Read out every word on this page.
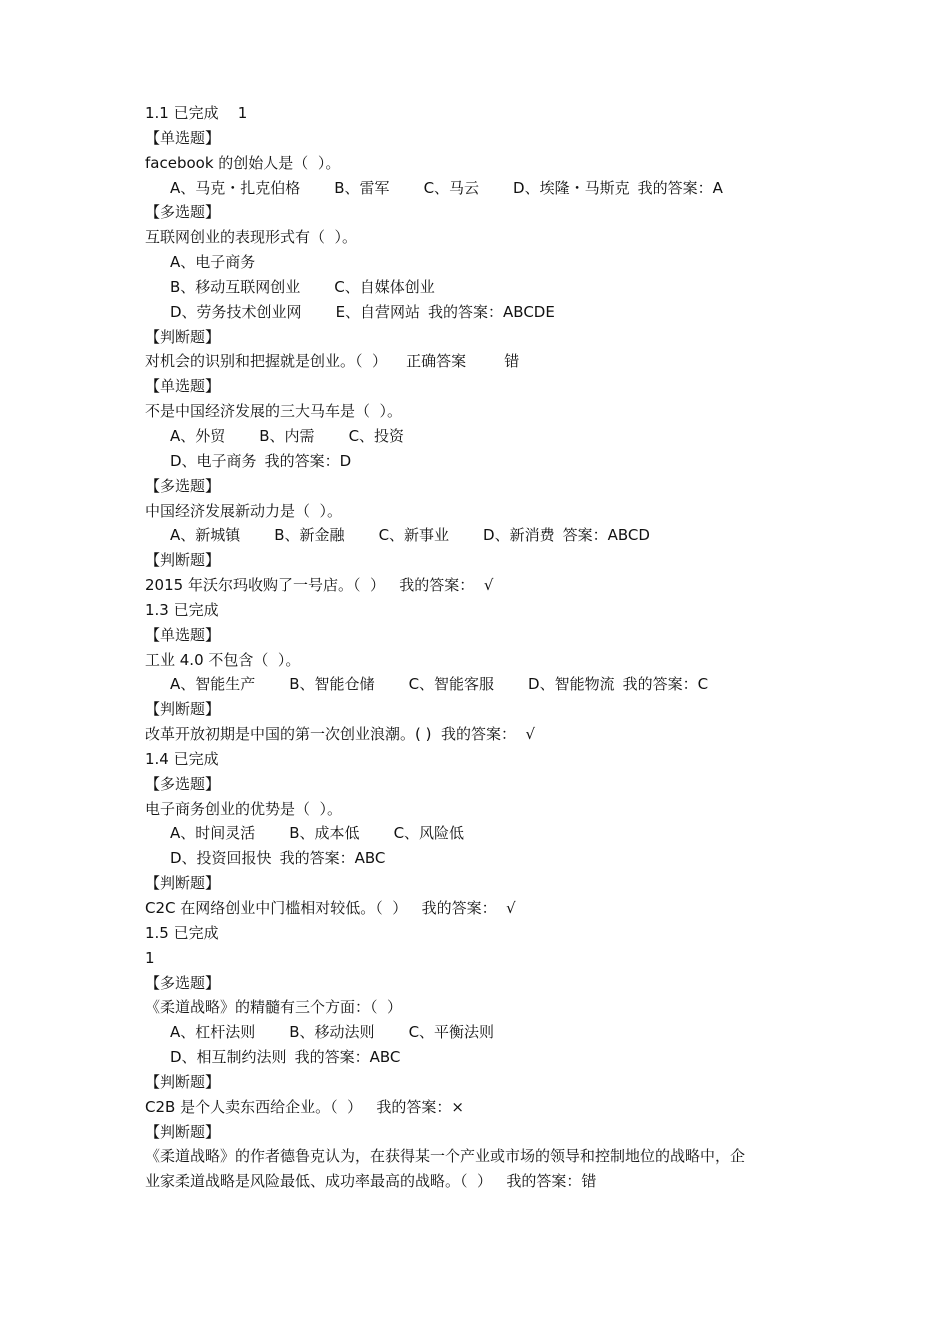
1.1 已完成    1
【单选题】
facebook 的创始人是（  ）。
A、马克・扎克伯格 B、雷军 C、马云 D、埃隆・马斯克 我的答案：A
【多选题】
互联网创业的表现形式有（  ）。
A、电子商务
B、移动互联网创业 C、自媒体创业
D、劳务技术创业网 E、自营网站 我的答案：ABCDE
【判断题】
对机会的识别和把握就是创业。（  ）    正确答案        错
【单选题】
不是中国经济发展的三大马车是（  ）。
A、外贸 B、内需 C、投资
D、电子商务 我的答案：D
【多选题】
中国经济发展新动力是（  ）。
A、新城镇 B、新金融 C、新事业 D、新消费 答案：ABCD
【判断题】
2015 年沃尔玛收购了一号店。（  ）   我的答案：  √
1.3 已完成
【单选题】
工业 4.0 不包含（  ）。
A、智能生产 B、智能仓储 C、智能客服 D、智能物流 我的答案：C
【判断题】
改革开放初期是中国的第一次创业浪潮。( )  我的答案：  √
1.4 已完成
【多选题】
电子商务创业的优势是（  ）。
A、时间灵活 B、成本低 C、风险低
D、投资回报快 我的答案：ABC
【判断题】
C2C 在网络创业中门槛相对较低。（  ）   我的答案：  √
1.5 已完成
1
【多选题】
《柔道战略》的精髓有三个方面：（  ）
A、杠杆法则 B、移动法则 C、平衡法则
D、相互制约法则 我的答案：ABC
【判断题】
C2B 是个人卖东西给企业。（  ）   我的答案：×
【判断题】
《柔道战略》的作者德鲁克认为，在获得某一个产业或市场的领导和控制地位的战略中，企
业家柔道战略是风险最低、成功率最高的战略。（  ）   我的答案：错
